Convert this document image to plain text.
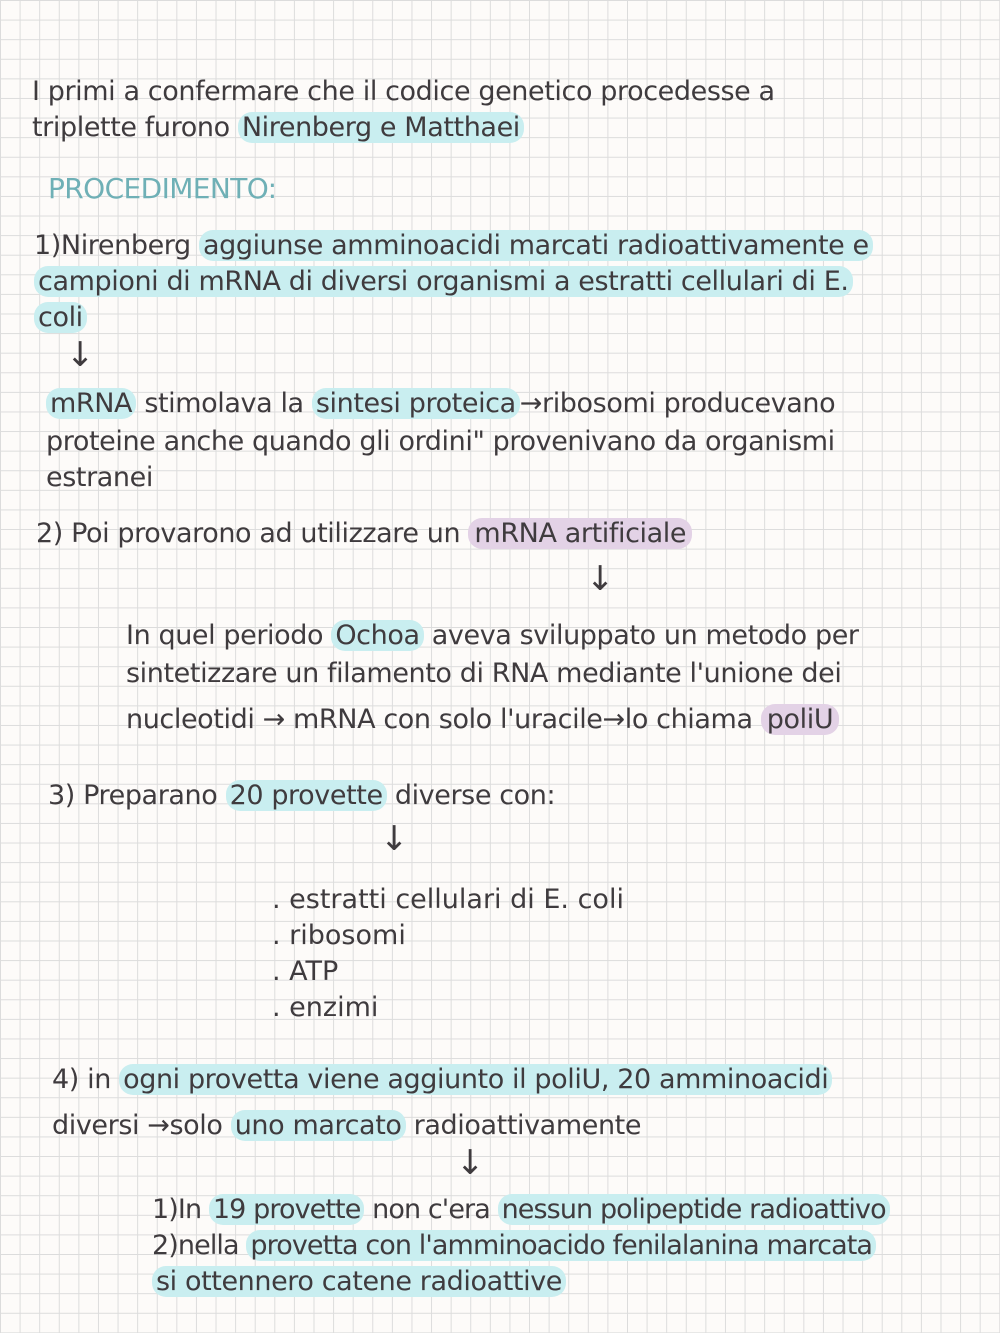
I primi a confermare che il codice genetico procedesse a

triplette furono Nirenberg e Matthaei

PROCEDIMENTO:

1)Nirenberg aggiunse amminoacidi marcati radioattivamente e

campioni di mRNA di diversi organismi a estratti cellulari di E.

coli

↓

mRNA stimolava la sintesi proteica →ribosomi producevano

proteine anche quando gli ordini" provenivano da organismi

estranei

2) Poi provarono ad utilizzare un mRNA artificiale

↓

In quel periodo Ochoa aveva sviluppato un metodo per

sintetizzare un filamento di RNA mediante l'unione dei

nucleotidi → mRNA con solo l'uracile→lo chiama poliU

3) Preparano 20 provette diverse con:

↓
. estratti cellulari di E. coli
. ribosomi
. ATP
. enzimi

4) in ogni provetta viene aggiunto il poliU, 20 amminoacidi

diversi →solo uno marcato radioattivamente

↓

1)In 19 provette non c'era nessun polipeptide radioattivo

2)nella provetta con l'amminoacido fenilalanina marcata

si ottennero catene radioattive
